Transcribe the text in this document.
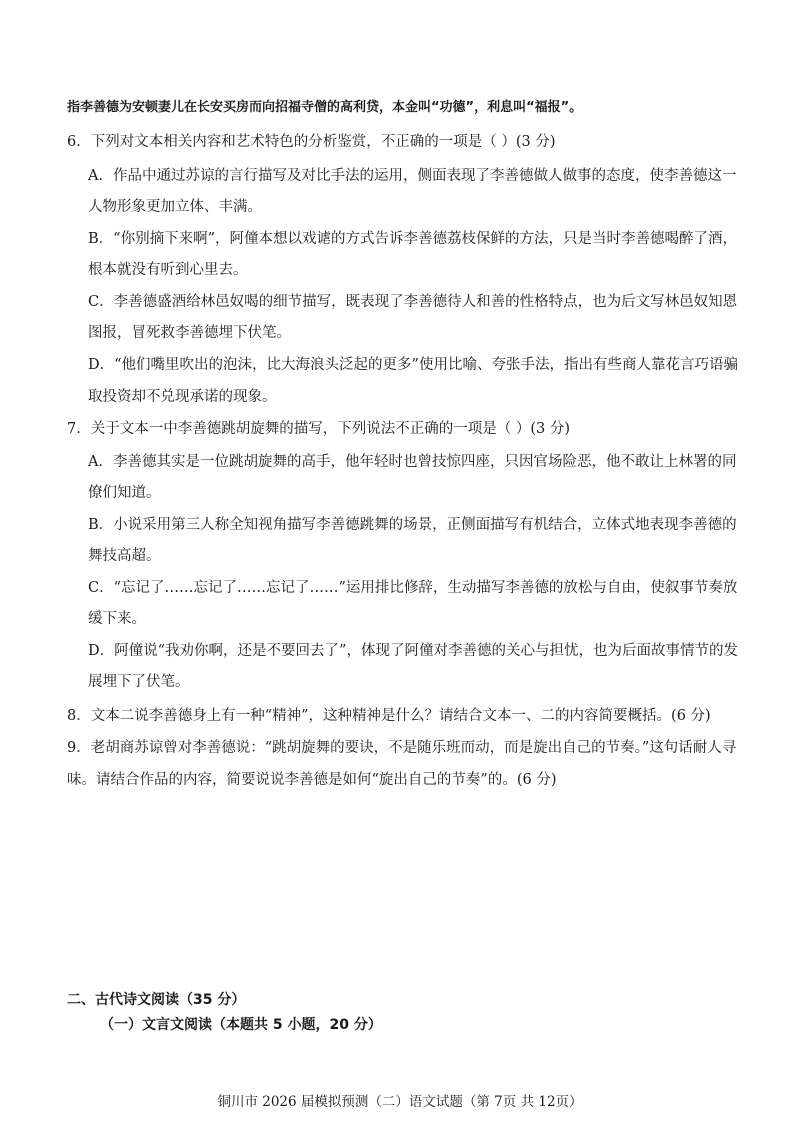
指李善德为安顿妻儿在长安买房而向招福寺僧的高利贷，本金叫“功德”，利息叫“福报”。
6．下列对文本相关内容和艺术特色的分析鉴赏，不正确的一项是（ ）(3 分)
A．作品中通过苏谅的言行描写及对比手法的运用，侧面表现了李善德做人做事的态度，使李善德这一
人物形象更加立体、丰满。
B．“你别摘下来啊”，阿僮本想以戏谑的方式告诉李善德荔枝保鲜的方法，只是当时李善德喝醉了酒，
根本就没有听到心里去。
C．李善德盛酒给林邑奴喝的细节描写，既表现了李善德待人和善的性格特点，也为后文写林邑奴知恩
图报，冒死救李善德埋下伏笔。
D．“他们嘴里吹出的泡沫，比大海浪头泛起的更多”使用比喻、夸张手法，指出有些商人靠花言巧语骗
取投资却不兑现承诺的现象。
7．关于文本一中李善德跳胡旋舞的描写，下列说法不正确的一项是（ ）(3 分)
A．李善德其实是一位跳胡旋舞的高手，他年轻时也曾技惊四座，只因官场险恶，他不敢让上林署的同
僚们知道。
B．小说采用第三人称全知视角描写李善德跳舞的场景，正侧面描写有机结合，立体式地表现李善德的
舞技高超。
C．“忘记了……忘记了……忘记了……”运用排比修辞，生动描写李善德的放松与自由，使叙事节奏放
缓下来。
D．阿僮说“我劝你啊，还是不要回去了”，体现了阿僮对李善德的关心与担忧，也为后面故事情节的发
展埋下了伏笔。
8．文本二说李善德身上有一种“精神”，这种精神是什么？请结合文本一、二的内容简要概括。(6 分)
9．老胡商苏谅曾对李善德说：“跳胡旋舞的要诀，不是随乐班而动，而是旋出自己的节奏。”这句话耐人寻
味。请结合作品的内容，简要说说李善德是如何“旋出自己的节奏”的。(6 分)
二、古代诗文阅读（35 分）
（一）文言文阅读（本题共 5 小题，20 分）
铜川市 2026 届模拟预测（二）语文试题（第 7页 共 12页）
